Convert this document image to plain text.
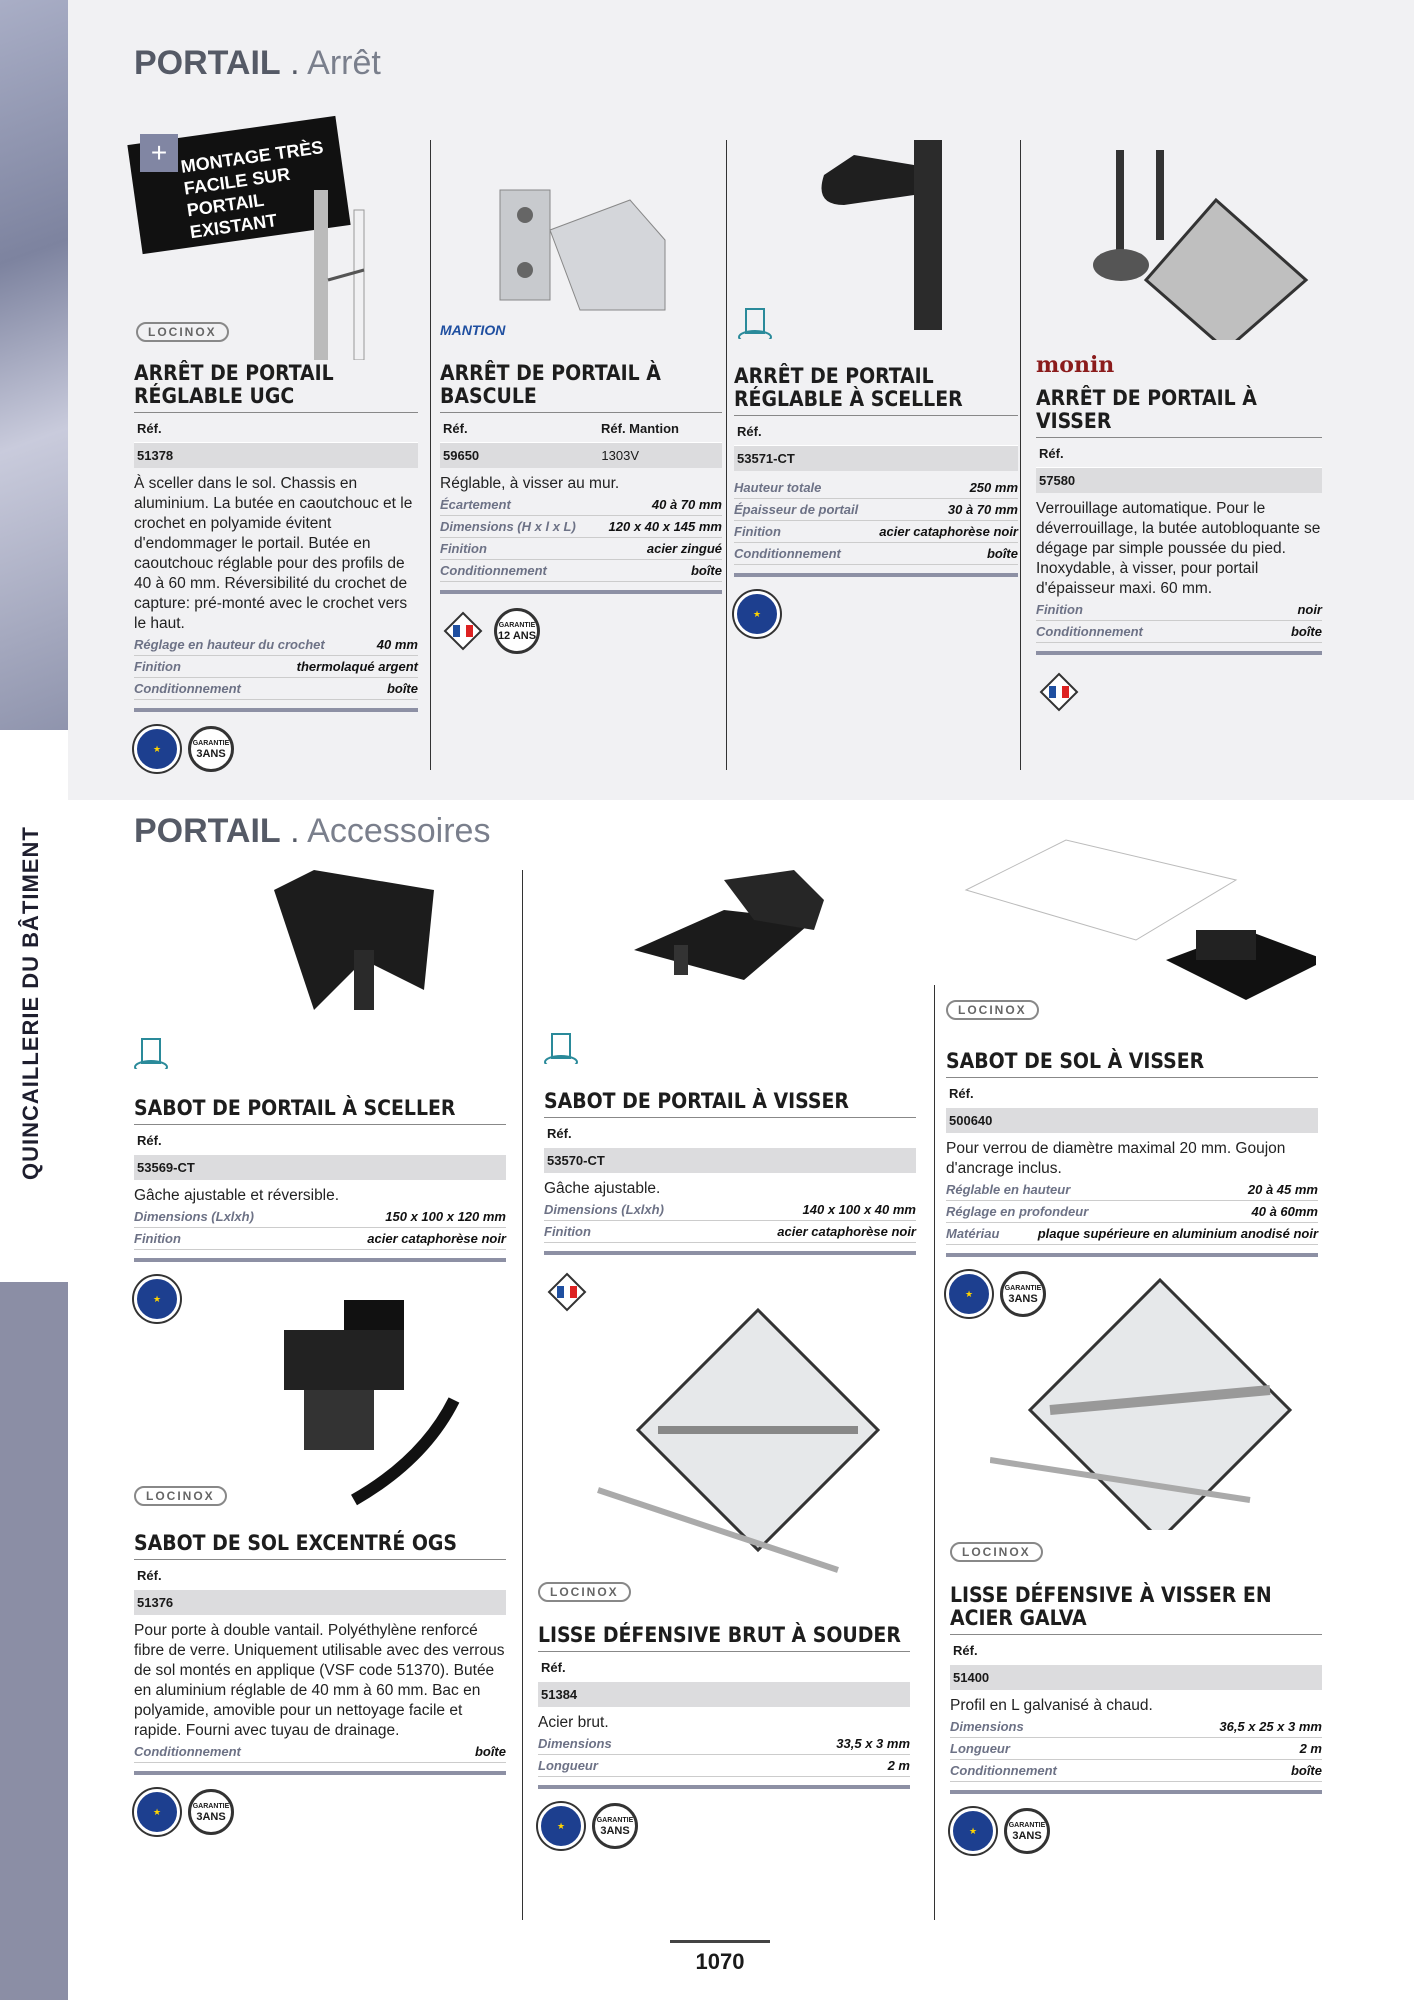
QUINCAILLERIE DU BÂTIMENT
PORTAIL . Arrêt
PORTAIL . Accessoires
MONTAGE TRÈS FACILE SUR PORTAIL EXISTANT
+
LOCINOX
ARRÊT DE PORTAIL RÉGLABLE UGC
Réf.
51378
À sceller dans le sol. Chassis en aluminium. La butée en caoutchouc et le crochet en polyamide évitent d'endommager le portail. Butée en caoutchouc réglable pour des profils de 40 à 60 mm. Réversibilité du crochet de capture: pré-monté avec le crochet vers le haut.
Réglage en hauteur du crochet	40 mm
Finition	thermolaqué argent
Conditionnement	boîte
★	GARANTIE
3ANS
MANTION
ARRÊT DE PORTAIL À BASCULE
Réf.	Réf. Mantion
59650	1303V
Réglable, à visser au mur.
Écartement	40 à 70 mm
Dimensions (H x l x L)	120 x 40 x 145 mm
Finition	acier zingué
Conditionnement	boîte
GARANTIE
12 ANS
ARRÊT DE PORTAIL RÉGLABLE À SCELLER
Réf.
53571-CT
Hauteur totale	250 mm
Épaisseur de portail	30 à 70 mm
Finition	acier cataphorèse noir
Conditionnement	boîte
★
monin
ARRÊT DE PORTAIL À VISSER
Réf.
57580
Verrouillage automatique. Pour le déverrouillage, la butée autobloquante se dégage par simple poussée du pied. Inoxydable, à visser, pour portail d'épaisseur maxi. 60 mm.
Finition	noir
Conditionnement	boîte
SABOT DE PORTAIL À SCELLER
Réf.
53569-CT
Gâche ajustable et réversible.
Dimensions (Lxlxh)	150 x 100 x 120 mm
Finition	acier cataphorèse noir
★
SABOT DE PORTAIL À VISSER
Réf.
53570-CT
Gâche ajustable.
Dimensions (Lxlxh)	140 x 100 x 40 mm
Finition	acier cataphorèse noir
LOCINOX
SABOT DE SOL À VISSER
Réf.
500640
Pour verrou de diamètre maximal 20 mm. Goujon d'ancrage inclus.
Réglable en hauteur	20 à 45 mm
Réglage en profondeur	40 à 60mm
Matériau	plaque supérieure en aluminium anodisé noir
★	GARANTIE
3ANS
LOCINOX
SABOT DE SOL EXCENTRÉ OGS
Réf.
51376
Pour porte à double vantail. Polyéthylène renforcé fibre de verre. Uniquement utilisable avec des verrous de sol montés en applique (VSF code 51370). Butée en aluminium réglable de 40 mm à 60 mm. Bac en polyamide, amovible pour un nettoyage facile et rapide. Fourni avec tuyau de drainage.
Conditionnement	boîte
★	GARANTIE
3ANS
LOCINOX
LISSE DÉFENSIVE BRUT À SOUDER
Réf.
51384
Acier brut.
Dimensions	33,5 x 3 mm
Longueur	2 m
★	GARANTIE
3ANS
LOCINOX
LISSE DÉFENSIVE À VISSER EN ACIER GALVA
Réf.
51400
Profil en L galvanisé à chaud.
Dimensions	36,5 x 25 x 3 mm
Longueur	2 m
Conditionnement	boîte
★	GARANTIE
3ANS
1070
